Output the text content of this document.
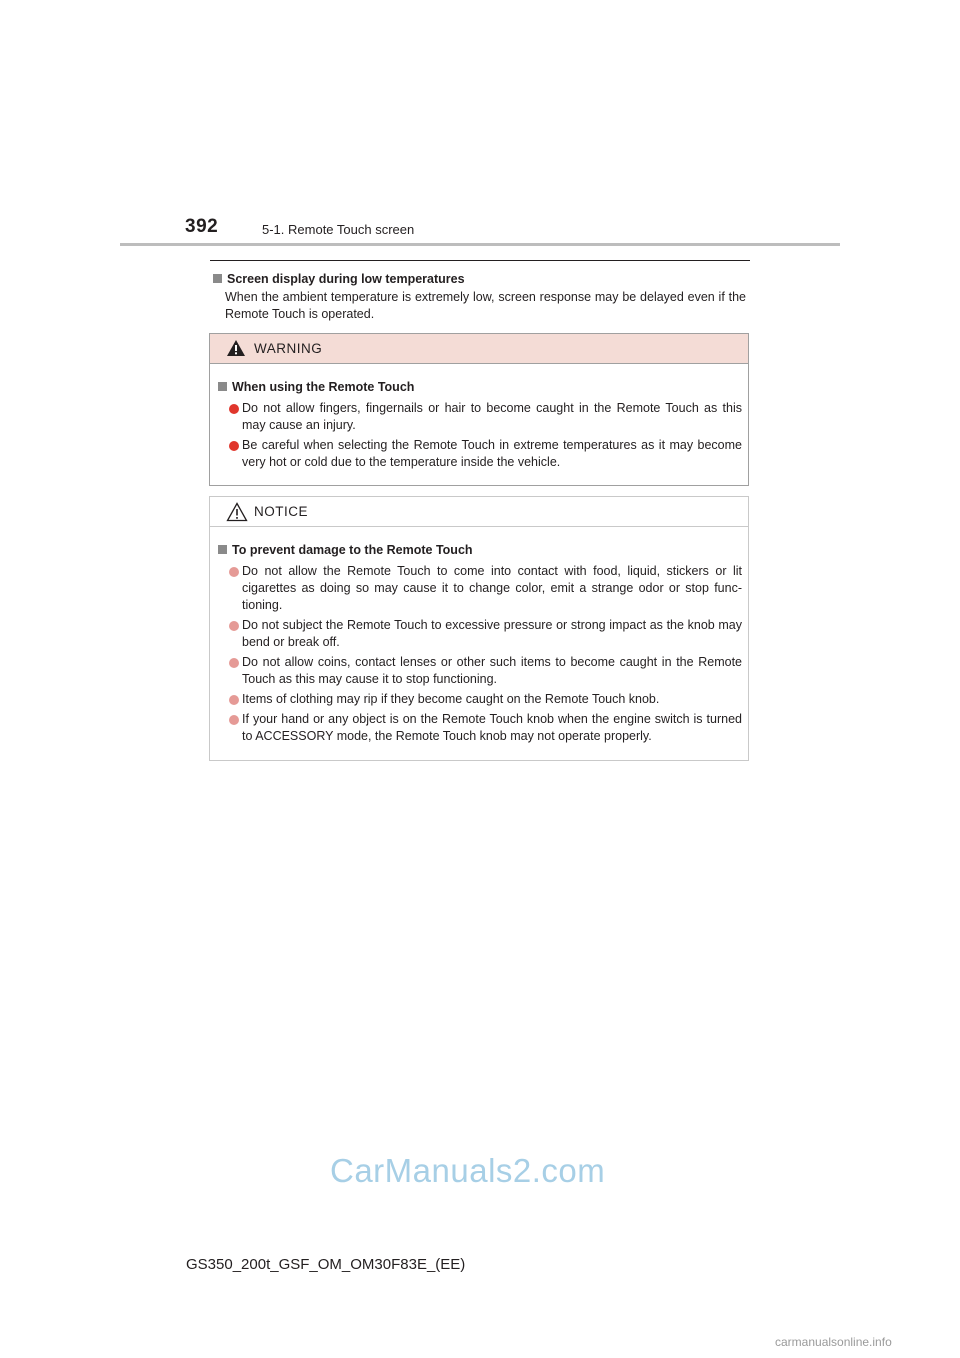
392	5-1. Remote Touch screen
Screen display during low temperatures
When the ambient temperature is extremely low, screen response may be delayed even if the Remote Touch is operated.
WARNING
When using the Remote Touch
Do not allow fingers, fingernails or hair to become caught in the Remote Touch as this may cause an injury.
Be careful when selecting the Remote Touch in extreme temperatures as it may become very hot or cold due to the temperature inside the vehicle.
NOTICE
To prevent damage to the Remote Touch
Do not allow the Remote Touch to come into contact with food, liquid, stickers or lit cigarettes as doing so may cause it to change color, emit a strange odor or stop func-tioning.
Do not subject the Remote Touch to excessive pressure or strong impact as the knob may bend or break off.
Do not allow coins, contact lenses or other such items to become caught in the Remote Touch as this may cause it to stop functioning.
Items of clothing may rip if they become caught on the Remote Touch knob.
If your hand or any object is on the Remote Touch knob when the engine switch is turned to ACCESSORY mode, the Remote Touch knob may not operate properly.
CarManuals2.com
GS350_200t_GSF_OM_OM30F83E_(EE)
carmanualsonline.info
